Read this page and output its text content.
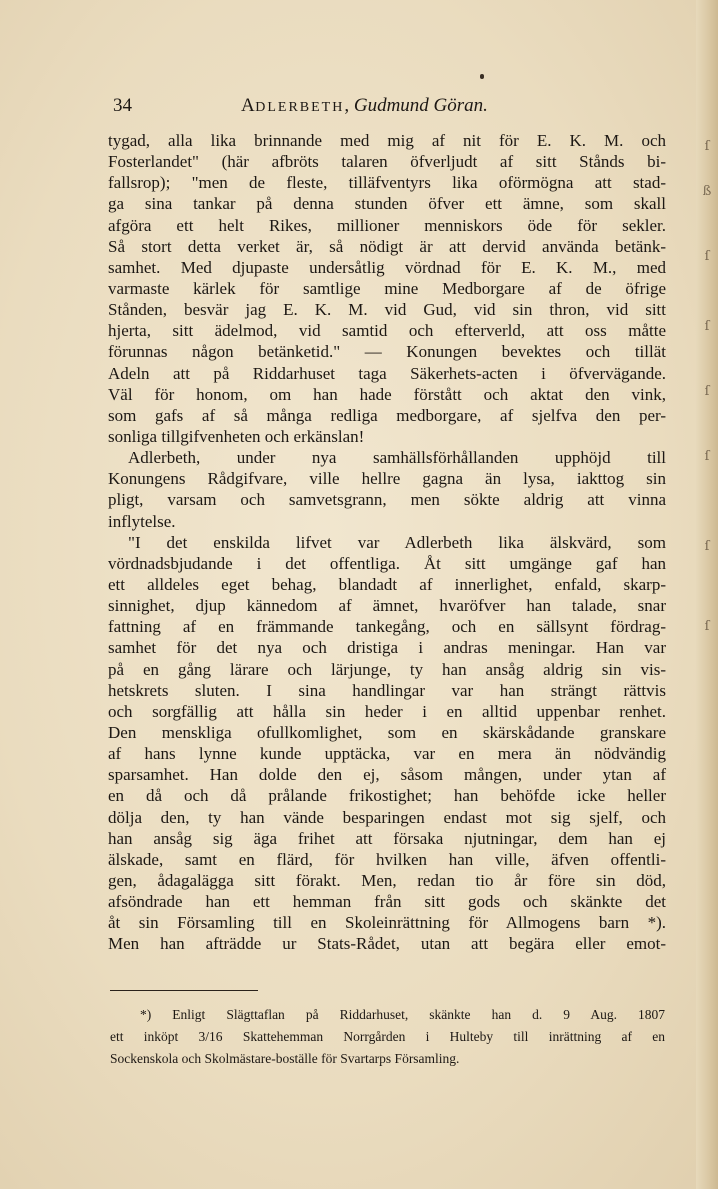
ſ
ß
ſ
ſ
ſ
ſ
ſ
ſ
34	ADLERBETH, Gudmund Göran.
tygad, alla lika brinnande med mig af nit för E. K. M. och
Fosterlandet" (här afbröts talaren öfverljudt af sitt Stånds bi-
fallsrop); "men de fleste, tilläfventyrs lika oförmögna att stad-
ga sina tankar på denna stunden öfver ett ämne, som skall
afgöra ett helt Rikes, millioner menniskors öde för sekler.
Så stort detta verket är, så nödigt är att dervid använda betänk-
samhet. Med djupaste undersåtlig vördnad för E. K. M., med
varmaste kärlek för samtlige mine Medborgare af de öfrige
Stånden, besvär jag E. K. M. vid Gud, vid sin thron, vid sitt
hjerta, sitt ädelmod, vid samtid och efterverld, att oss måtte
förunnas någon betänketid." — Konungen bevektes och tillät
Adeln att på Riddarhuset taga Säkerhets-acten i öfvervägande.
Väl för honom, om han hade förstått och aktat den vink,
som gafs af så många redliga medborgare, af sjelfva den per-
sonliga tillgifvenheten och erkänslan!
Adlerbeth, under nya samhällsförhållanden upphöjd till
Konungens Rådgifvare, ville hellre gagna än lysa, iakttog sin
pligt, varsam och samvetsgrann, men sökte aldrig att vinna
inflytelse.
"I det enskilda lifvet var Adlerbeth lika älskvärd, som
vördnadsbjudande i det offentliga. Åt sitt umgänge gaf han
ett alldeles eget behag, blandadt af innerlighet, enfald, skarp-
sinnighet, djup kännedom af ämnet, hvaröfver han talade, snar
fattning af en främmande tankegång, och en sällsynt fördrag-
samhet för det nya och dristiga i andras meningar. Han var
på en gång lärare och lärjunge, ty han ansåg aldrig sin vis-
hetskrets sluten. I sina handlingar var han strängt rättvis
och sorgfällig att hålla sin heder i en alltid uppenbar renhet.
Den menskliga ofullkomlighet, som en skärskådande granskare
af hans lynne kunde upptäcka, var en mera än nödvändig
sparsamhet. Han dolde den ej, såsom mången, under ytan af
en då och då prålande frikostighet; han behöfde icke heller
dölja den, ty han vände besparingen endast mot sig sjelf, och
han ansåg sig äga frihet att försaka njutningar, dem han ej
älskade, samt en flärd, för hvilken han ville, äfven offentli-
gen, ådagalägga sitt förakt. Men, redan tio år före sin död,
afsöndrade han ett hemman från sitt gods och skänkte det
åt sin Församling till en Skoleinrättning för Allmogens barn *).
Men han afträdde ur Stats-Rådet, utan att begära eller emot-
*) Enligt Slägttaflan på Riddarhuset, skänkte han d. 9 Aug. 1807
ett inköpt 3/16 Skattehemman Norrgården i Hulteby till inrättning af en
Sockenskola och Skolmästare-boställe för Svartarps Församling.
